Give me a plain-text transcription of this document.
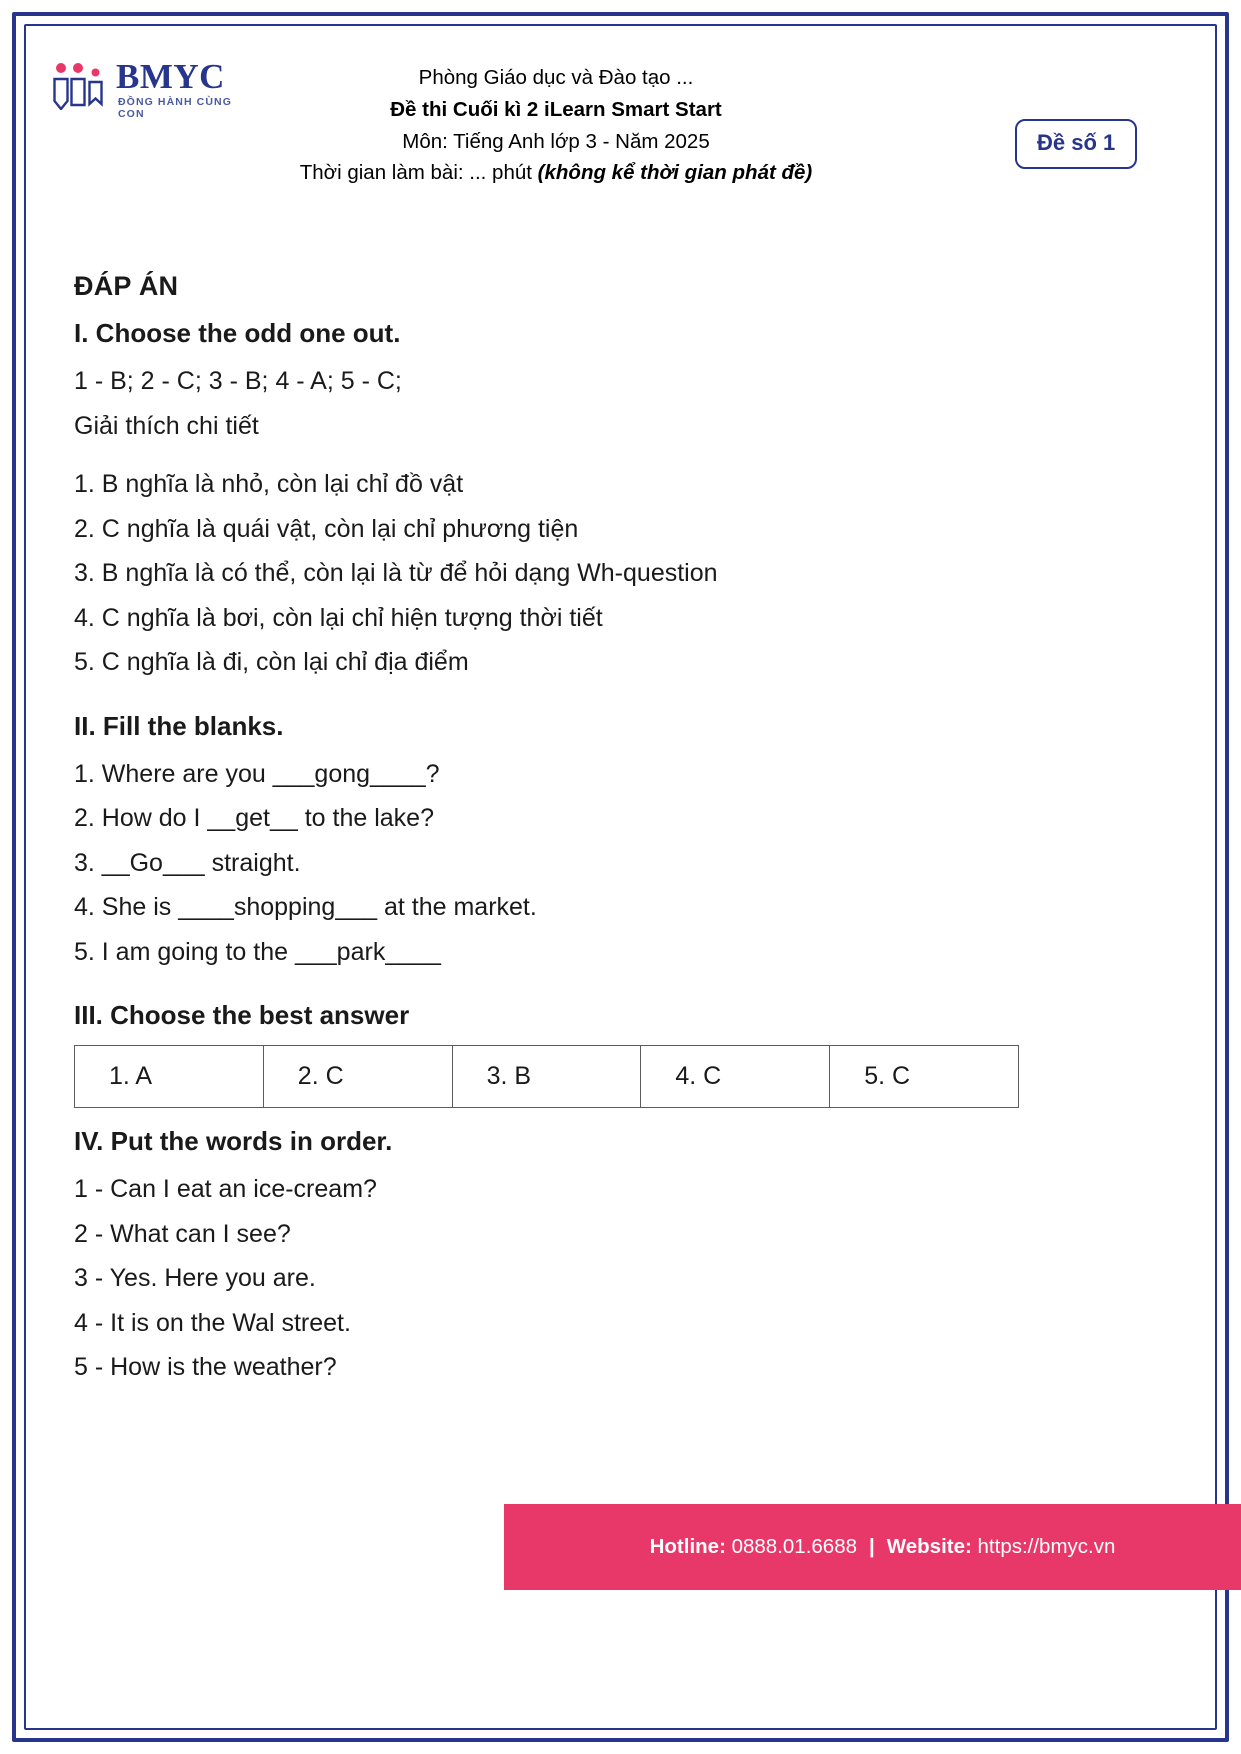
BMYC
ĐỒNG HÀNH CÙNG CON
Phòng Giáo dục và Đào tạo ...
Đề thi Cuối kì 2 iLearn Smart Start
Môn: Tiếng Anh lớp 3 - Năm 2025
Thời gian làm bài: ... phút (không kể thời gian phát đề)
Đề số 1
ĐÁP ÁN
I. Choose the odd one out.
1 - B; 2 - C; 3 - B; 4 - A; 5 - C;
Giải thích chi tiết
1. B nghĩa là nhỏ, còn lại chỉ đồ vật
2. C nghĩa là quái vật, còn lại chỉ phương tiện
3. B nghĩa là có thể, còn lại là từ để hỏi dạng Wh-question
4. C nghĩa là bơi, còn lại chỉ hiện tượng thời tiết
5. C nghĩa là đi, còn lại chỉ địa điểm
II. Fill the blanks.
1. Where are you ___gong____?
2. How do I __get__ to the lake?
3. __Go___ straight.
4. She is ____shopping___ at the market.
5. I am going to the ___park____
III. Choose the best answer
1. A	2. C	3. B	4. C	5. C
IV. Put the words in order.
1 - Can I eat an ice-cream?
2 - What can I see?
3 - Yes. Here you are.
4 - It is on the Wal street.
5 - How is the weather?
Hotline: 0888.01.6688 | Website: https://bmyc.vn
